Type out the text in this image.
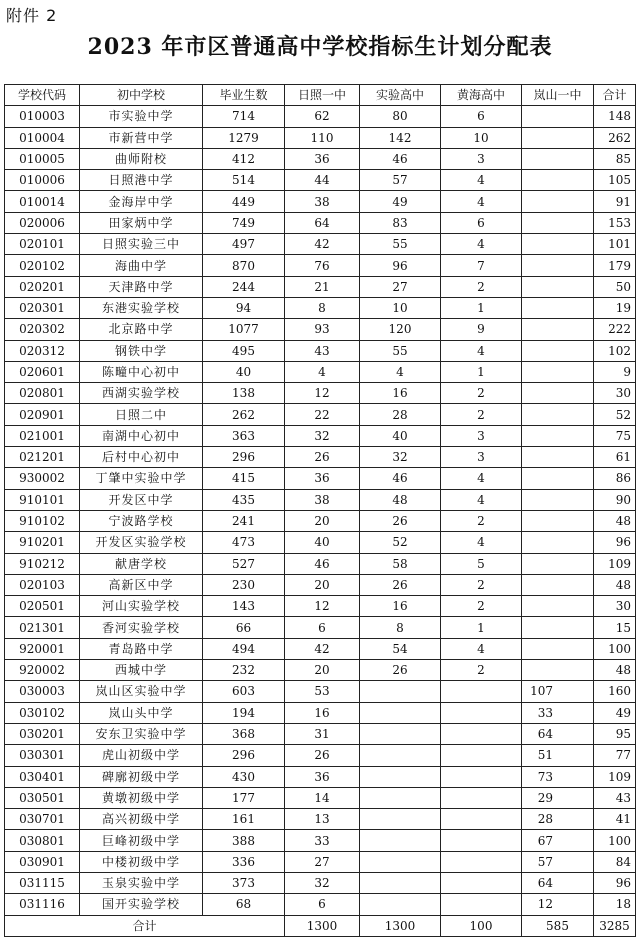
附件 2
2023 年市区普通高中学校指标生计划分配表
学校代码	初中学校	毕业生数	日照一中	实验高中	黄海高中	岚山一中	合计
010003	市实验中学	714	62	80	6		148
010004	市新营中学	1279	110	142	10		262
010005	曲师附校	412	36	46	3		85
010006	日照港中学	514	44	57	4		105
010014	金海岸中学	449	38	49	4		91
020006	田家炳中学	749	64	83	6		153
020101	日照实验三中	497	42	55	4		101
020102	海曲中学	870	76	96	7		179
020201	天津路中学	244	21	27	2		50
020301	东港实验学校	94	8	10	1		19
020302	北京路中学	1077	93	120	9		222
020312	钢铁中学	495	43	55	4		102
020601	陈疃中心初中	40	4	4	1		9
020801	西湖实验学校	138	12	16	2		30
020901	日照二中	262	22	28	2		52
021001	南湖中心初中	363	32	40	3		75
021201	后村中心初中	296	26	32	3		61
930002	丁肇中实验中学	415	36	46	4		86
910101	开发区中学	435	38	48	4		90
910102	宁波路学校	241	20	26	2		48
910201	开发区实验学校	473	40	52	4		96
910212	献唐学校	527	46	58	5		109
020103	高新区中学	230	20	26	2		48
020501	河山实验学校	143	12	16	2		30
021301	香河实验学校	66	6	8	1		15
920001	青岛路中学	494	42	54	4		100
920002	西城中学	232	20	26	2		48
030003	岚山区实验中学	603	53			107	160
030102	岚山头中学	194	16			33	49
030201	安东卫实验中学	368	31			64	95
030301	虎山初级中学	296	26			51	77
030401	碑廓初级中学	430	36			73	109
030501	黄墩初级中学	177	14			29	43
030701	高兴初级中学	161	13			28	41
030801	巨峰初级中学	388	33			67	100
030901	中楼初级中学	336	27			57	84
031115	玉泉实验中学	373	32			64	96
031116	国开实验学校	68	6			12	18
合计			1300	1300	100	585	3285
